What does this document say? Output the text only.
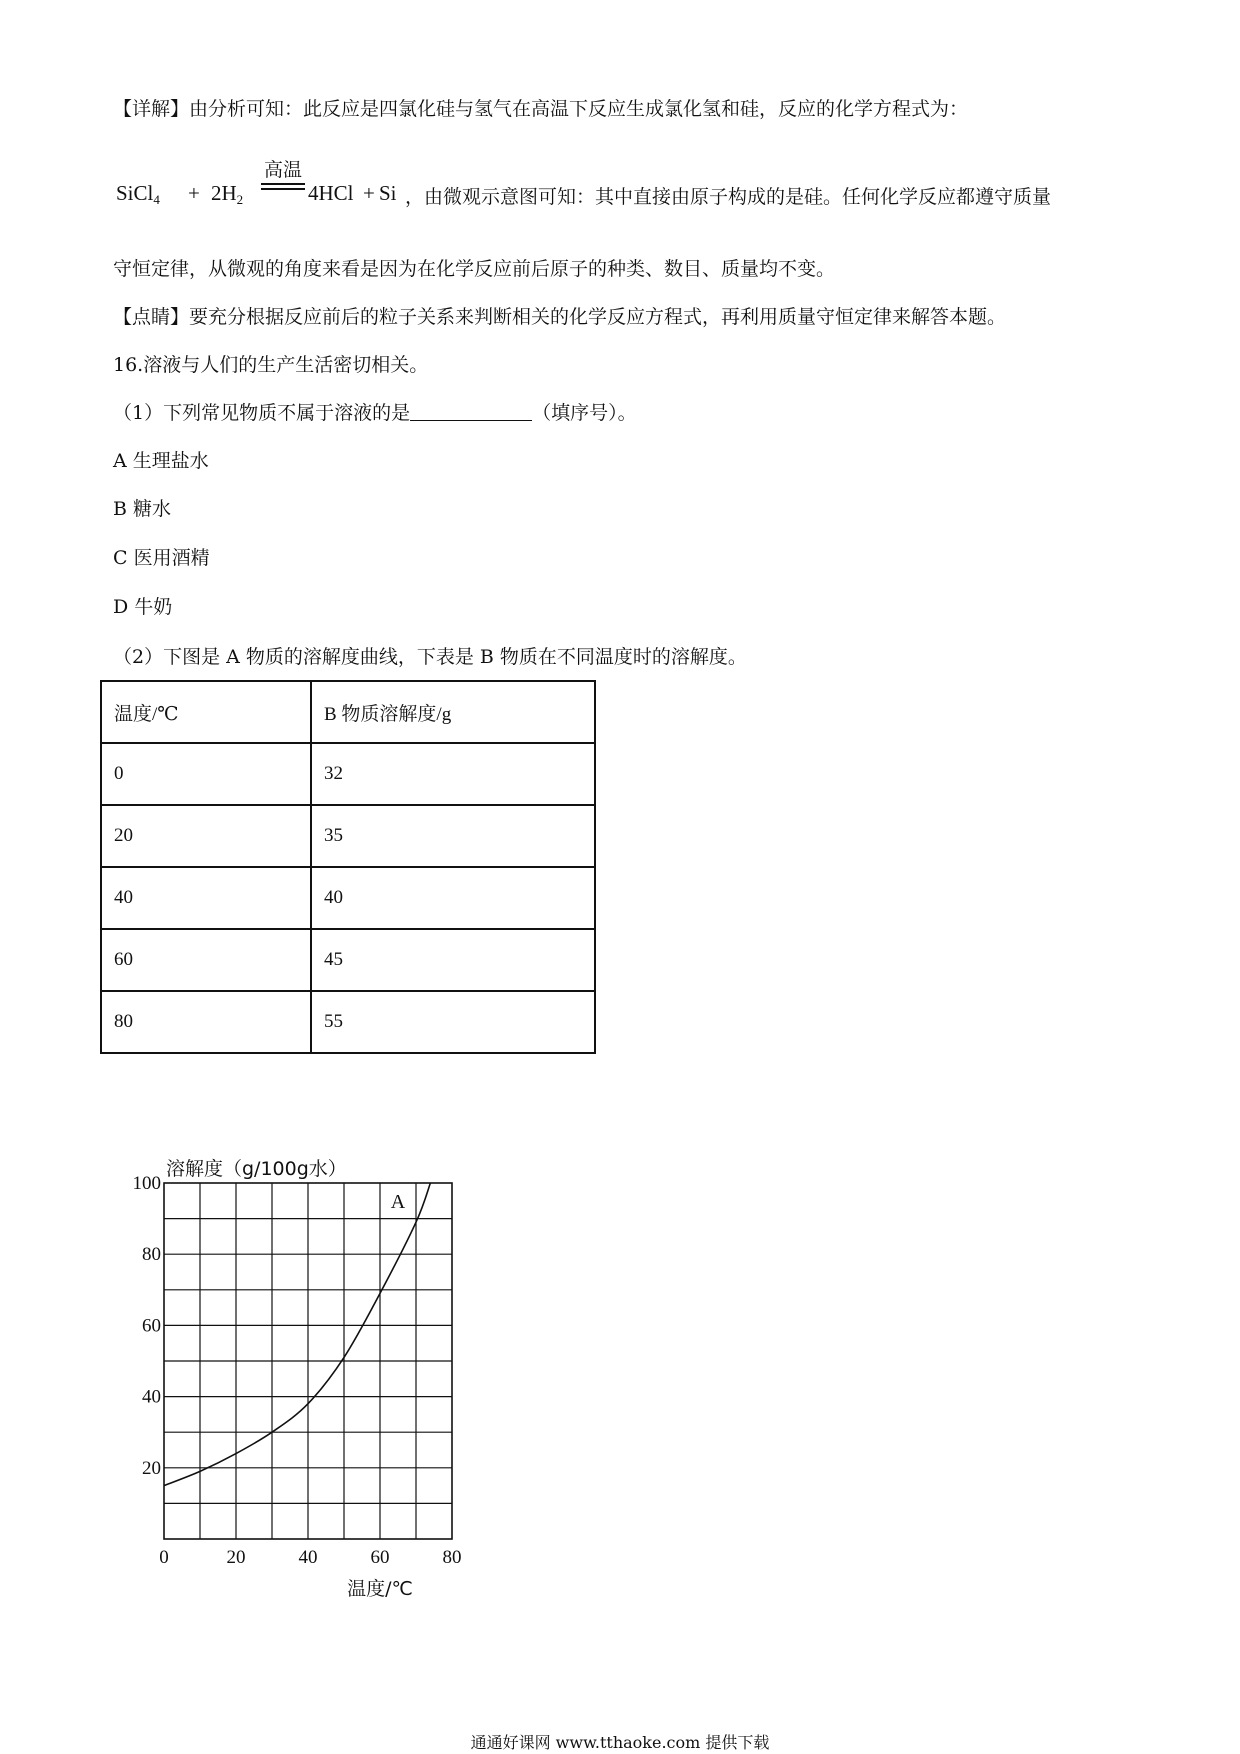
【详解】由分析可知：此反应是四氯化硅与氢气在高温下反应生成氯化氢和硅，反应的化学方程式为：
SiCl$_4$ + $2H_2$
高温
4HCl + Si ，由微观示意图可知：其中直接由原子构成的是硅。任何化学反应都遵守质量
守恒定律，从微观的角度来看是因为在化学反应前后原子的种类、数目、质量均不变。
【点睛】要充分根据反应前后的粒子关系来判断相关的化学反应方程式，再利用质量守恒定律来解答本题。
16.溶液与人们的生产生活密切相关。
（1）下列常见物质不属于溶液的是	（填序号）。
A 生理盐水
B 糖水
C 医用酒精
D 牛奶
（2）下图是 A 物质的溶解度曲线，下表是 B 物质在不同温度时的溶解度。
温度/℃	B 物质溶解度/g
0	32
20	35
40	40
60	45
80	55
0	20	40	60	80
20
40
60
80
100
A
溶解度（g/100g水）
温度/℃
通通好课网 www.tthaoke.com 提供下载
